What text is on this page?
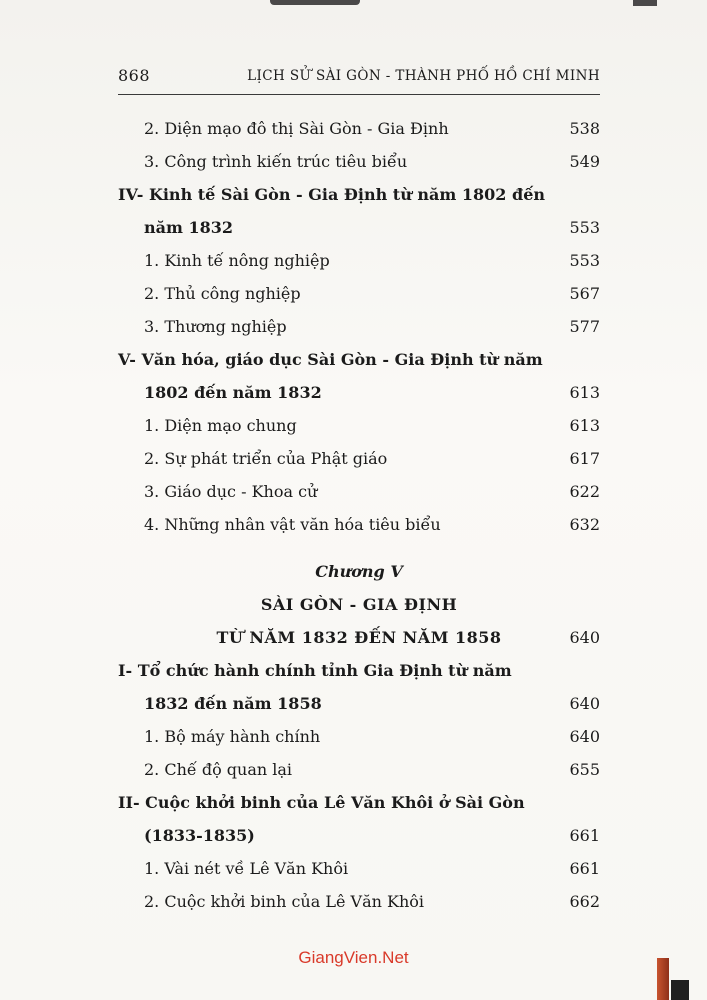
868	LỊCH SỬ SÀI GÒN - THÀNH PHỐ HỒ CHÍ MINH
2. Diện mạo đô thị Sài Gòn - Gia Định	538
3. Công trình kiến trúc tiêu biểu	549
IV- Kinh tế Sài Gòn - Gia Định từ năm 1802 đến
năm 1832	553
1. Kinh tế nông nghiệp	553
2. Thủ công nghiệp	567
3. Thương nghiệp	577
V- Văn hóa, giáo dục Sài Gòn - Gia Định từ năm
1802 đến năm 1832	613
1. Diện mạo chung	613
2. Sự phát triển của Phật giáo	617
3. Giáo dục - Khoa cử	622
4. Những nhân vật văn hóa tiêu biểu	632
Chương V
SÀI GÒN - GIA ĐỊNH
TỪ NĂM 1832 ĐẾN NĂM 1858	640
I- Tổ chức hành chính tỉnh Gia Định từ năm
1832 đến năm 1858	640
1. Bộ máy hành chính	640
2. Chế độ quan lại	655
II- Cuộc khởi binh của Lê Văn Khôi ở Sài Gòn
(1833-1835)	661
1. Vài nét về Lê Văn Khôi	661
2. Cuộc khởi binh của Lê Văn Khôi	662
GiangVien.Net
